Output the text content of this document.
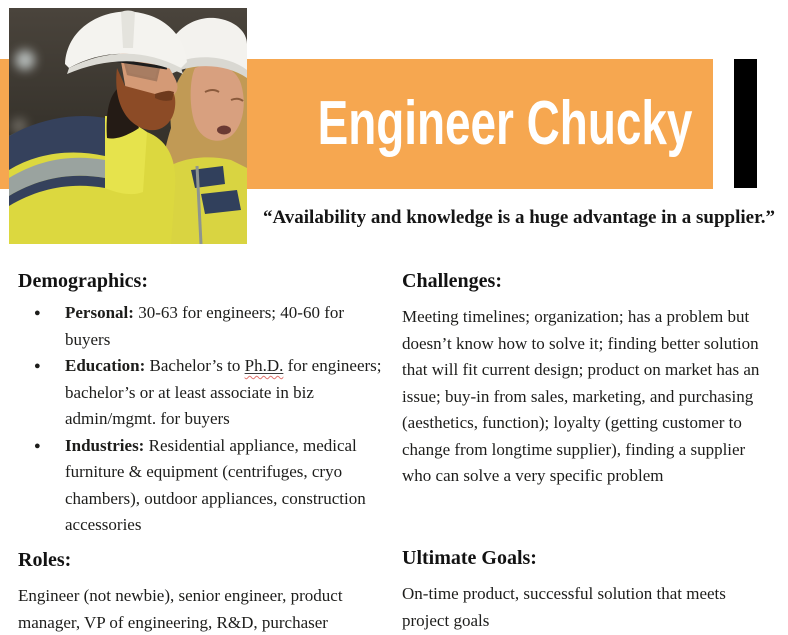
Engineer Chucky
“Availability and knowledge is a huge advantage in a supplier.”
Demographics:
● Personal: 30-63 for engineers; 40-60 for buyers
● Education: Bachelor’s to Ph.D. for engineers; bachelor’s or at least associate in biz admin/mgmt. for buyers
● Industries: Residential appliance, medical furniture & equipment (centrifuges, cryo chambers), outdoor appliances, construction accessories
Challenges:

Meeting timelines; organization; has a problem but doesn’t know how to solve it; finding better solution that will fit current design; product on market has an issue; buy-in from sales, marketing, and purchasing (aesthetics, function); loyalty (getting customer to change from longtime supplier), finding a supplier who can solve a very specific problem

Roles:

Engineer (not newbie), senior engineer, product manager, VP of engineering, R&D, purchaser

Ultimate Goals:

On-time product, successful solution that meets project goals
